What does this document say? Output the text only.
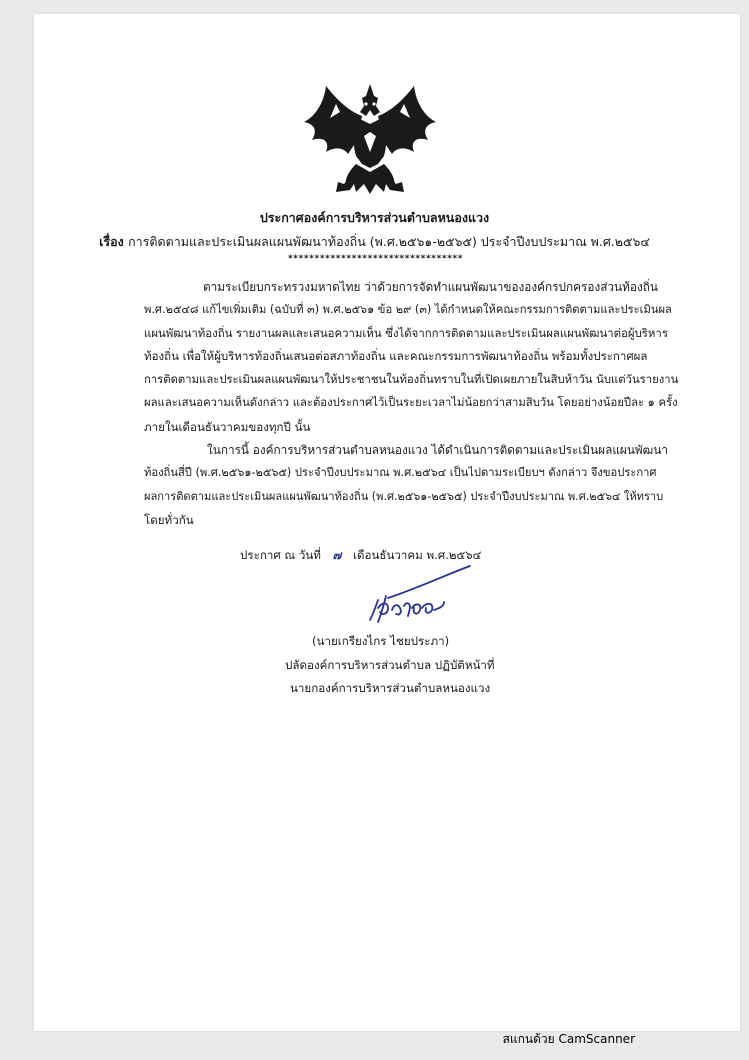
ประกาศองค์การบริหารส่วนตำบลหนองแวง
เรื่อง การติดตามและประเมินผลแผนพัฒนาท้องถิ่น (พ.ศ.๒๕๖๑-๒๕๖๕) ประจำปีงบประมาณ พ.ศ.๒๕๖๔
*********************************
ตามระเบียบกระทรวงมหาดไทย ว่าด้วยการจัดทำแผนพัฒนาขององค์กรปกครองส่วนท้องถิ่น
พ.ศ.๒๕๔๘ แก้ไขเพิ่มเติม (ฉบับที่ ๓) พ.ศ.๒๕๖๑ ข้อ ๒๙ (๓) ได้กำหนดให้คณะกรรมการติดตามและประเมินผล
แผนพัฒนาท้องถิ่น รายงานผลและเสนอความเห็น ซึ่งได้จากการติดตามและประเมินผลแผนพัฒนาต่อผู้บริหาร
ท้องถิ่น เพื่อให้ผู้บริหารท้องถิ่นเสนอต่อสภาท้องถิ่น และคณะกรรมการพัฒนาท้องถิ่น พร้อมทั้งประกาศผล
การติดตามและประเมินผลแผนพัฒนาให้ประชาชนในท้องถิ่นทราบในที่เปิดเผยภายในสิบห้าวัน นับแต่วันรายงาน
ผลและเสนอความเห็นดังกล่าว และต้องประกาศไว้เป็นระยะเวลาไม่น้อยกว่าสามสิบวัน โดยอย่างน้อยปีละ ๑ ครั้ง
ภายในเดือนธันวาคมของทุกปี นั้น
ในการนี้ องค์การบริหารส่วนตำบลหนองแวง ได้ดำเนินการติดตามและประเมินผลแผนพัฒนา
ท้องถิ่นสี่ปี (พ.ศ.๒๕๖๑-๒๕๖๕) ประจำปีงบประมาณ พ.ศ.๒๕๖๔ เป็นไปตามระเบียบฯ ดังกล่าว จึงขอประกาศ
ผลการติดตามและประเมินผลแผนพัฒนาท้องถิ่น (พ.ศ.๒๕๖๑-๒๕๖๕) ประจำปีงบประมาณ พ.ศ.๒๕๖๔ ให้ทราบ
โดยทั่วกัน
ประกาศ ณ วันที่ ๗ เดือนธันวาคม พ.ศ.๒๕๖๔
(นายเกรียงไกร ไชยประภา)
ปลัดองค์การบริหารส่วนตำบล ปฏิบัติหน้าที่
นายกองค์การบริหารส่วนตำบลหนองแวง
สแกนด้วย CamScanner
